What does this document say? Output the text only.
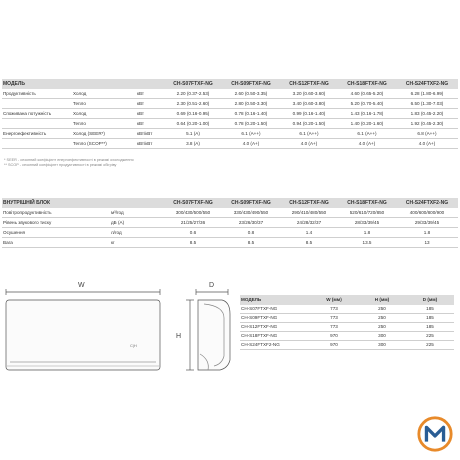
МОДЕЛЬ			CH-S07FTXF-NG	CH-S09FTXF-NG	CH-S12FTXF-NG	CH-S18FTXF-NG	CH-S24FTXF2-NG
Продуктивність	Холод	кВт	2.20 (0.37-2.53)	2.60 (0.50-3.35)	3.20 (0.60-3.60)	4.60 (0.65-5.20)	6.28 (1.80-6.99)
	Тепло	кВт	2.30 (0.51-2.60)	2.80 (0.50-3.30)	3.40 (0.60-3.80)	5.20 (0.70-5.40)	6.50 (1.30-7.03)
Споживана потужність	Холод	кВт	0.69 (0.16-0.95)	0.78 (0.16-1.40)	0.99 (0.16-1.40)	1.43 (0.16-1.78)	1.83 (0.45-2.20)
	Тепло	кВт	0.64 (0.20-1.00)	0.78 (0.20-1.50)	0.94 (0.20-1.50)	1.40 (0.20-1.60)	1.92 (0.45-2.30)
Енергоефективність	Холод (SEER*)	кВт/кВт	5.1 (A)	6.1 (A++)	6.1 (A++)	6.1 (A++)	6.8 (A++)
	Тепло (SCOP**)	кВт/кВт	3.8 (A)	4.0 (A+)	4.0 (A+)	4.0 (A+)	4.0 (A+)
* SEER - сезонний коефіцієнт енергоефективності в режимі охолодження
** SCOP - сезонний коефіцієнт продуктивності в режимі обігріву
ВНУТРІШНІЙ БЛОК		CH-S07FTXF-NG	CH-S09FTXF-NG	CH-S12FTXF-NG	CH-S18FTXF-NG	CH-S24FTXF2-NG
Повітропродуктивність	м³/год	300/430/500/550	330/430/490/550	290/410/480/550	520/610/720/850	400/600/800/900
Рівень звукового тиску	дБ (А)	21/25/27/36	23/26/30/37	24/28/32/37	28/33/39/45	29/33/39/45
Осушення	л/год	0.6	0.8	1.4	1.8	1.8
Вага	кг	8.5	8.5	8.5	13.5	13
W	D
H
C|H
МОДЕЛЬ	W (мм)	H (мм)	D (мм)
CH-S07FTXF-NG	773	250	185
CH-S09FTXF-NG	773	250	185
CH-S12FTXF-NG	773	250	185
CH-S18FTXF-NG	970	300	225
CH-S24FTXF2-NG	970	300	225
